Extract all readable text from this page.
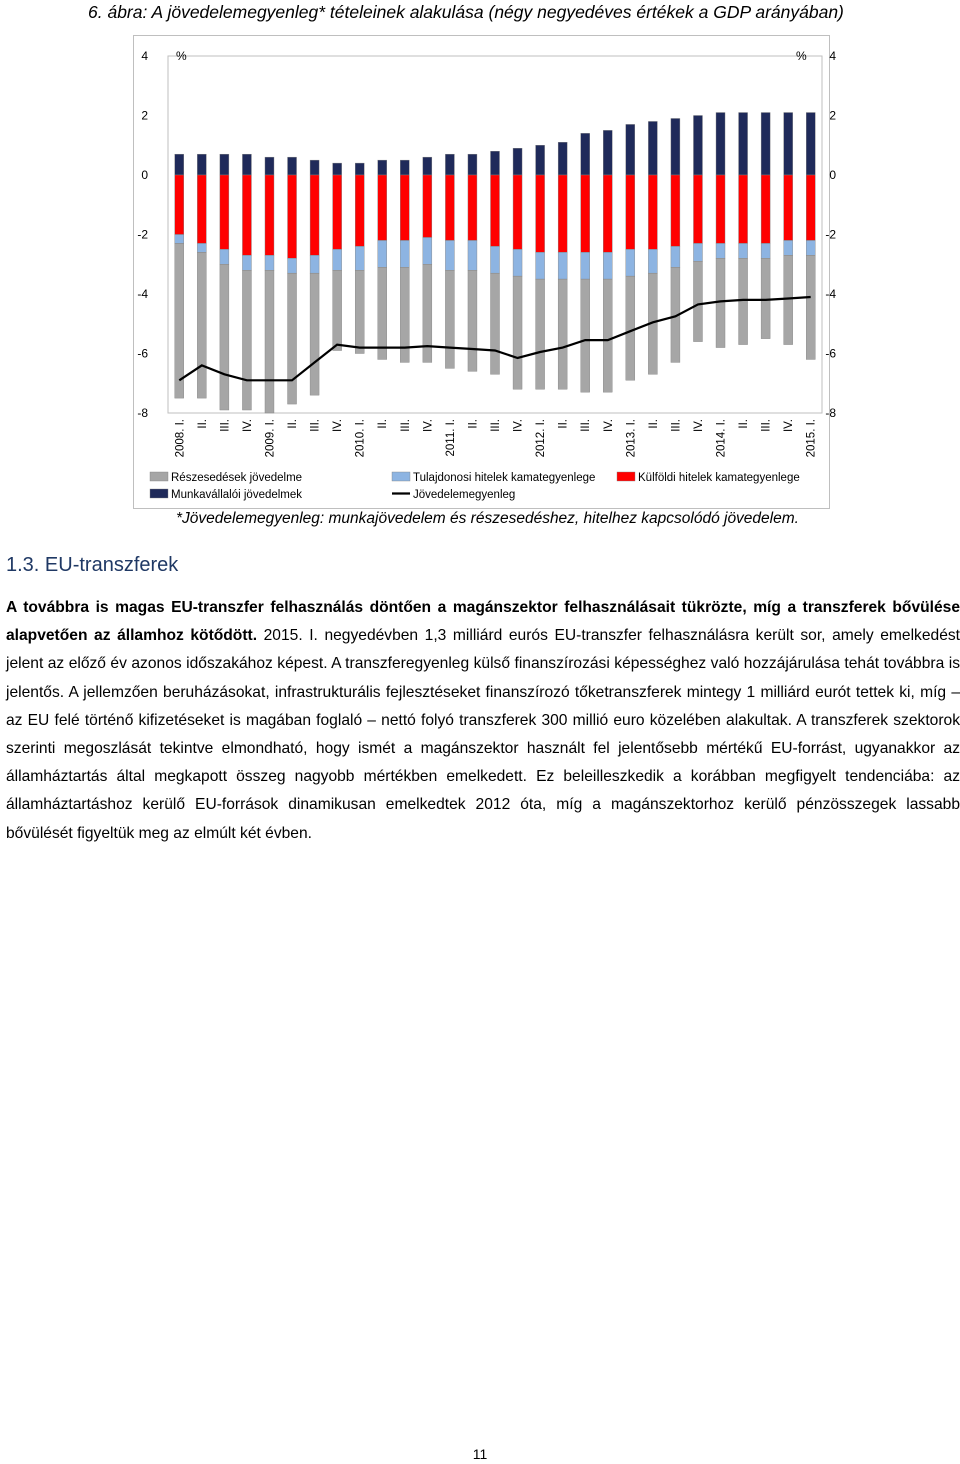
6. ábra: A jövedelemegyenleg* tételeinek alakulása (négy negyedéves értékek a GDP arányában)
4	4
2	2
0	0
-2	-2
-4	-4
-6	-6
-8	-8
%	%
2008. I. II. III. IV. 2009. I. II. III. IV. 2010. I. II. III. IV. 2011. I. II. III. IV. 2012. I. II. III. IV. 2013. I. II. III. IV. 2014. I. II. III. IV. 2015. I.
Részesedések jövedelme	Tulajdonosi hitelek kamategyenlege	Külföldi hitelek kamategyenlege
Munkavállalói jövedelmek	Jövedelemegyenleg
*Jövedelemegyenleg: munkajövedelem és részesedéshez, hitelhez kapcsolódó jövedelem.
1.3. EU-transzferek
A továbbra is magas EU-transzfer felhasználás döntően a magánszektor felhasználásait tükrözte, míg a transzferek bővülése alapvetően az államhoz kötődött. 2015. I. negyedévben 1,3 milliárd eurós EU-transzfer felhasználásra került sor, amely emelkedést jelent az előző év azonos időszakához képest. A transzferegyenleg külső finanszírozási képességhez való hozzájárulása tehát továbbra is jelentős. A jellemzően beruházásokat, infrastrukturális fejlesztéseket finanszírozó tőketranszferek mintegy 1 milliárd eurót tettek ki, míg – az EU felé történő kifizetéseket is magában foglaló – nettó folyó transzferek 300 millió euro közelében alakultak. A transzferek szektorok szerinti megoszlását tekintve elmondható, hogy ismét a magánszektor használt fel jelentősebb mértékű EU-forrást, ugyanakkor az államháztartás által megkapott összeg nagyobb mértékben emelkedett. Ez beleilleszkedik a korábban megfigyelt tendenciába: az államháztartáshoz kerülő EU-források dinamikusan emelkedtek 2012 óta, míg a magánszektorhoz kerülő pénzösszegek lassabb bővülését figyeltük meg az elmúlt két évben.
11
